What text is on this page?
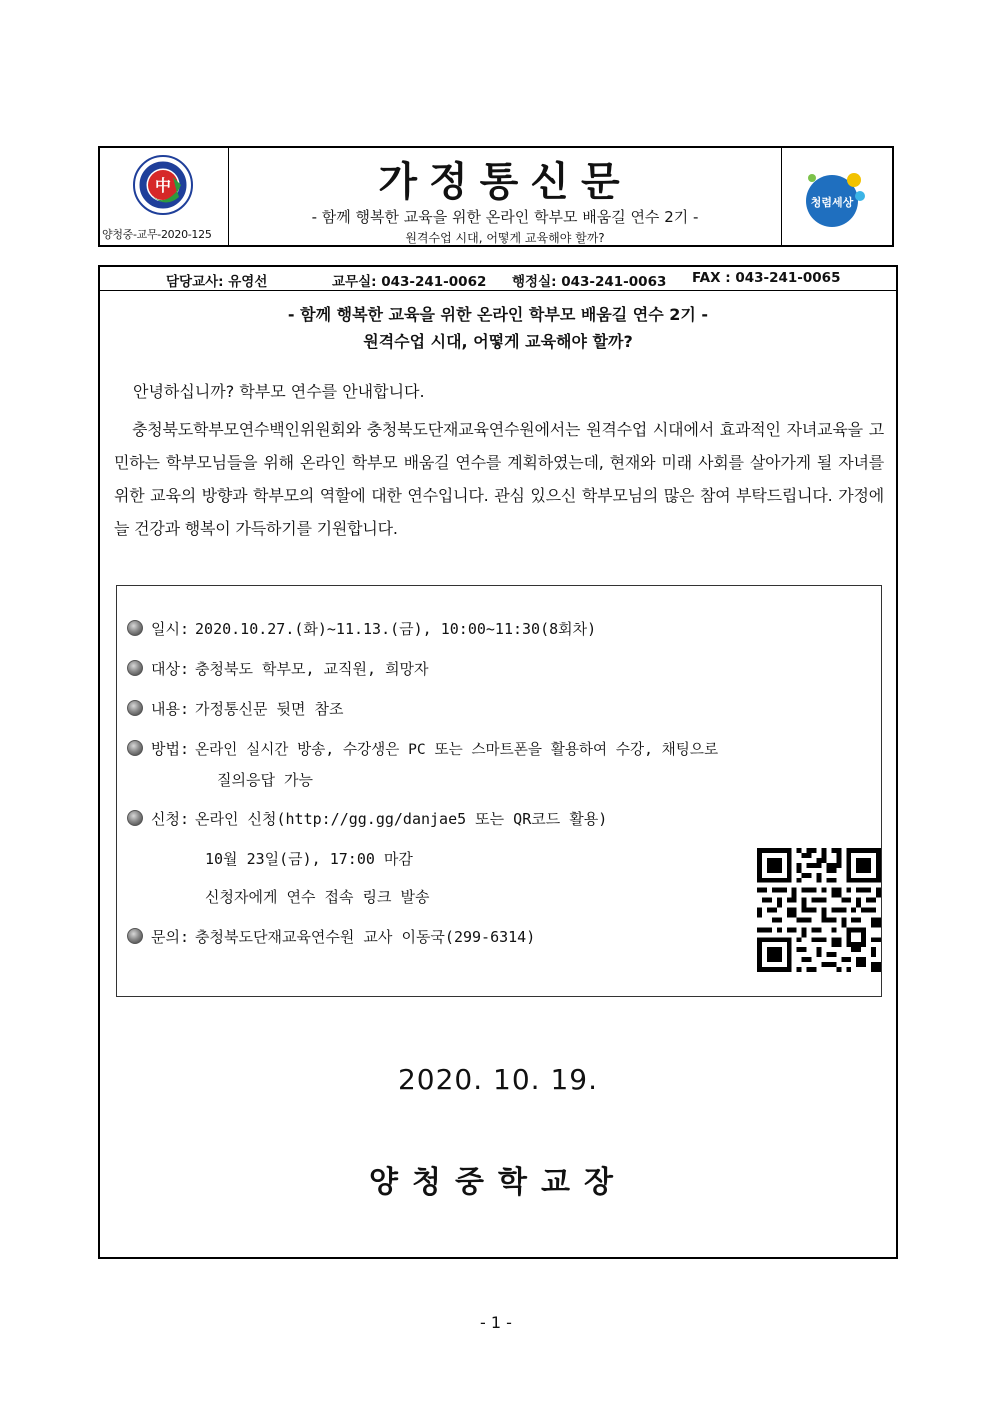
中
양청중-교무-2020-125
가정통신문
- 함께 행복한 교육을 위한 온라인 학부모 배움길 연수 2기 -
원격수업 시대, 어떻게 교육해야 할까?
청렴세상
담당교사: 유영선	교무실: 043-241-0062 행정실: 043-241-0063 FAX : 043-241-0065
- 함께 행복한 교육을 위한 온라인 학부모 배움길 연수 2기 -
원격수업 시대, 어떻게 교육해야 할까?
안녕하십니까? 학부모 연수를 안내합니다.
충청북도학부모연수백인위원회와 충청북도단재교육연수원에서는 원격수업 시대에서 효과적인 자녀교육을 고민하는 학부모님들을 위해 온라인 학부모 배움길 연수를 계획하였는데, 현재와 미래 사회를 살아가게 될 자녀를 위한 교육의 방향과 학부모의 역할에 대한 연수입니다. 관심 있으신 학부모님의 많은 참여 부탁드립니다. 가정에 늘 건강과 행복이 가득하기를 기원합니다.
일시: 2020.10.27.(화)~11.13.(금), 10:00~11:30(8회차)
대상: 충청북도 학부모, 교직원, 희망자
내용: 가정통신문 뒷면 참조
방법: 온라인 실시간 방송, 수강생은 PC 또는 스마트폰을 활용하여 수강, 채팅으로
질의응답 가능
신청: 온라인 신청(http://gg.gg/danjae5 또는 QR코드 활용)
10월 23일(금), 17:00 마감
신청자에게 연수 접속 링크 발송
문의: 충청북도단재교육연수원 교사 이동국(299-6314)
2020. 10. 19.
양청중학교장
- 1 -
